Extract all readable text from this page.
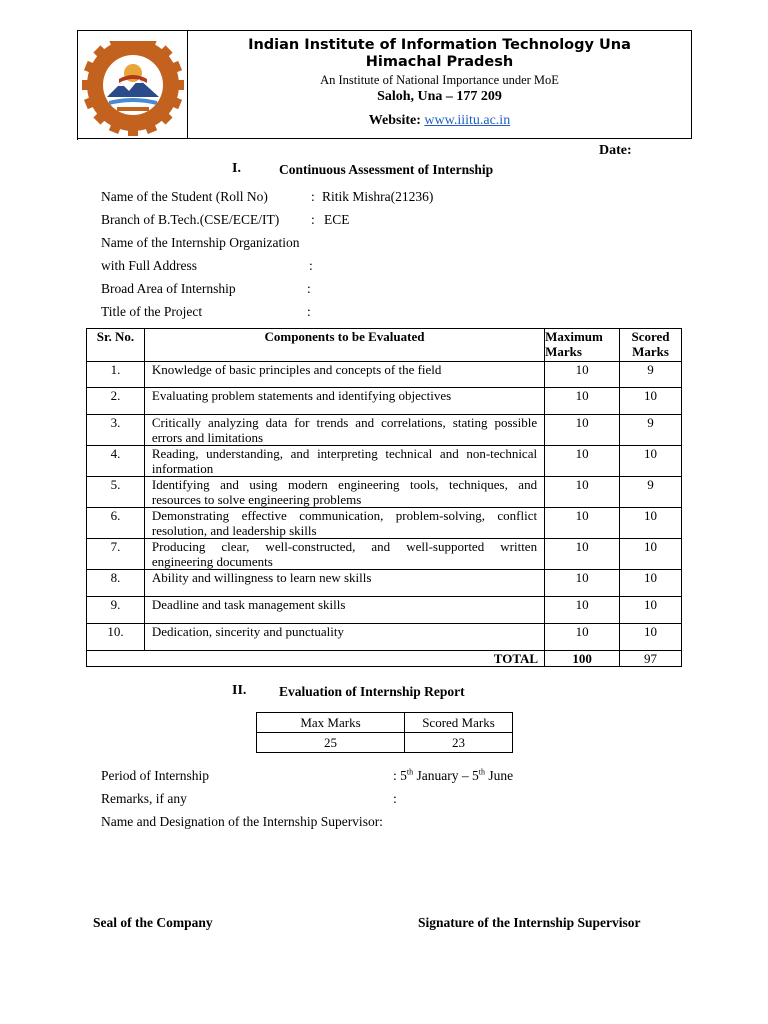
Indian Institute of Information Technology Una
Himachal Pradesh
An Institute of National Importance under MoE
Saloh, Una – 177 209
Website: www.iiitu.ac.in
Date:
I.	Continuous Assessment of Internship
Name of the Student (Roll No)	: Ritik Mishra(21236)
Branch of B.Tech.(CSE/ECE/IT) : ECE
Name of the Internship Organization
with Full Address	:
Broad Area of Internship	:
Title of the Project	:
Sr. No.	Components to be Evaluated	Maximum Marks	Scored Marks
1.	Knowledge of basic principles and concepts of the field	10	9
2.	Evaluating problem statements and identifying objectives	10	10
3.	Critically analyzing data for trends and correlations, stating possible errors and limitations	10	9
4.	Reading, understanding, and interpreting technical and non-technical information	10	10
5.	Identifying and using modern engineering tools, techniques, and resources to solve engineering problems	10	9
6.	Demonstrating effective communication, problem-solving, conflict resolution, and leadership skills	10	10
7.	Producing clear, well-constructed, and well-supported written engineering documents	10	10
8.	Ability and willingness to learn new skills	10	10
9.	Deadline and task management skills	10	10
10.	Dedication, sincerity and punctuality	10	10
TOTAL		100	97
II. Evaluation of Internship Report
Max Marks	Scored Marks
25	23
Period of Internship	: 5th January – 5th June
Remarks, if any	:
Name and Designation of the Internship Supervisor:
Seal of the Company	Signature of the Internship Supervisor
